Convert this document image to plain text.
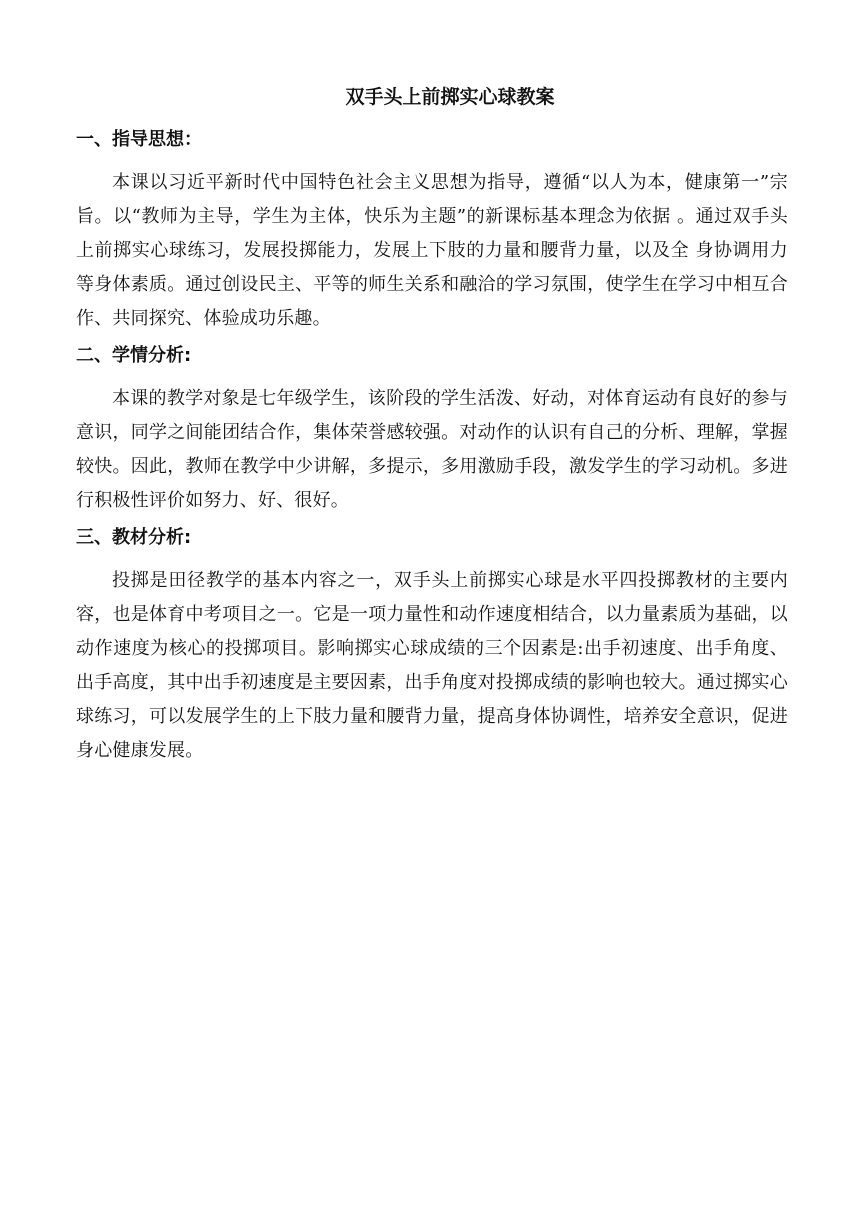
双手头上前掷实心球教案
一、指导思想：

本课以习近平新时代中国特色社会主义思想为指导，遵循“以人为本，健康第一”宗旨。以“教师为主导，学生为主体，快乐为主题”的新课标基本理念为依据 。通过双手头上前掷实心球练习，发展投掷能力，发展上下肢的力量和腰背力量，以及全 身协调用力等身体素质。通过创设民主、平等的师生关系和融洽的学习氛围，使学生在学习中相互合作、共同探究、体验成功乐趣。

二、学情分析:

本课的教学对象是七年级学生，该阶段的学生活泼、好动，对体育运动有良好的参与意识，同学之间能团结合作，集体荣誉感较强。对动作的认识有自己的分析、理解，掌握较快。因此，教师在教学中少讲解，多提示，多用激励手段，激发学生的学习动机。多进行积极性评价如努力、好、很好。

三、教材分析:

投掷是田径教学的基本内容之一，双手头上前掷实心球是水平四投掷教材的主要内容，也是体育中考项目之一。它是一项力量性和动作速度相结合，以力量素质为基础，以动作速度为核心的投掷项目。影响掷实心球成绩的三个因素是:出手初速度、出手角度、出手高度，其中出手初速度是主要因素，出手角度对投掷成绩的影响也较大。通过掷实心球练习，可以发展学生的上下肢力量和腰背力量，提高身体协调性，培养安全意识，促进身心健康发展。
